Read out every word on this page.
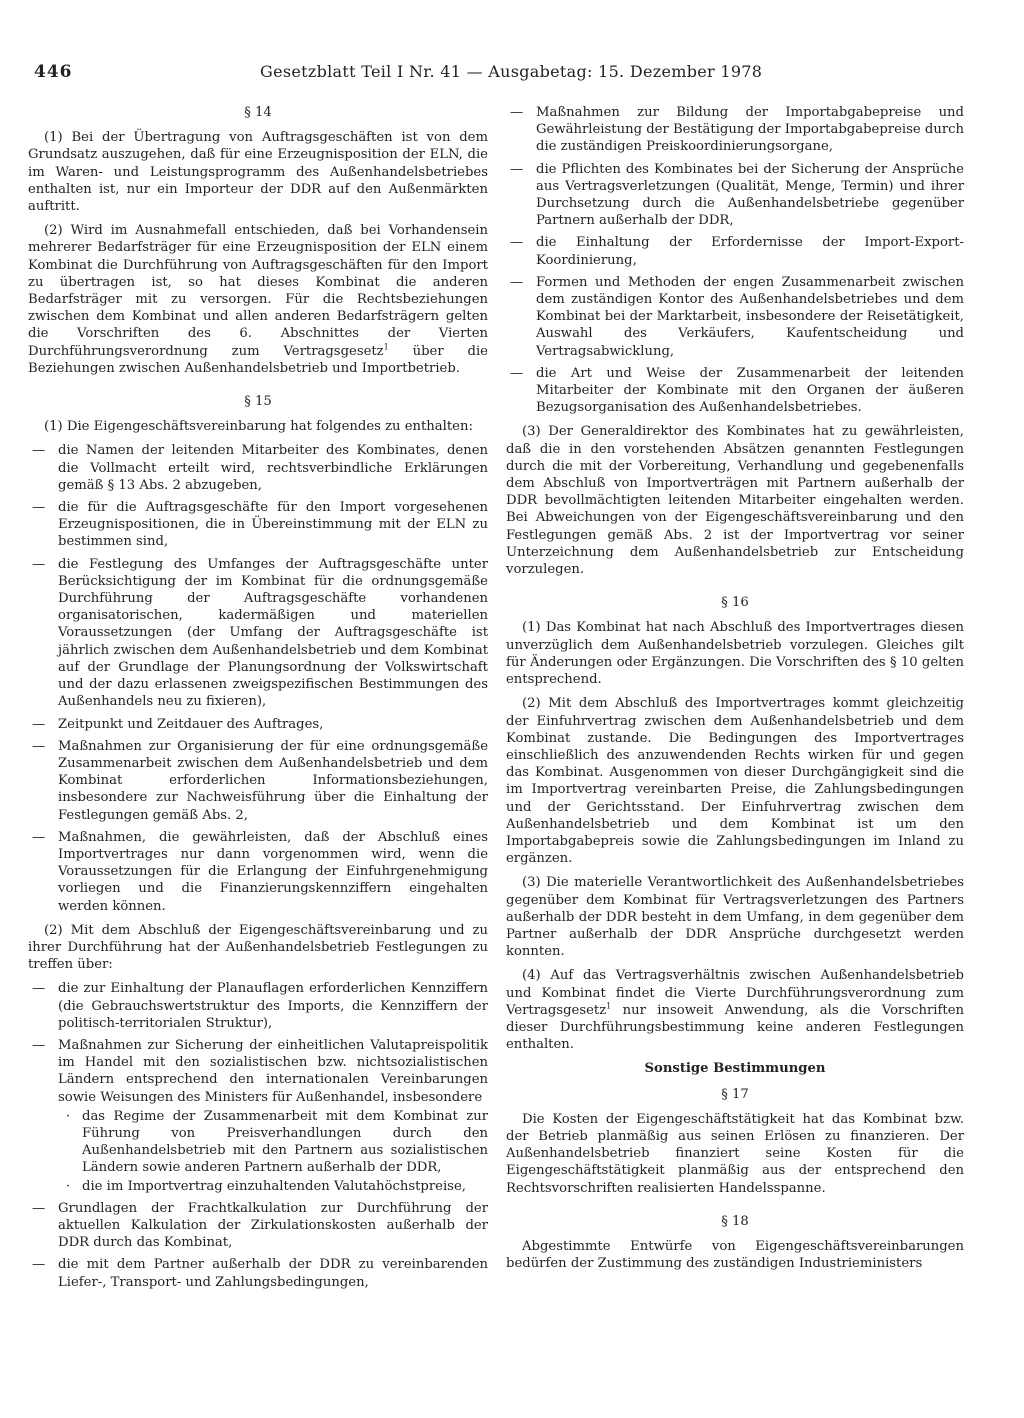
446	Gesetzblatt Teil I Nr. 41 — Ausgabetag: 15. Dezember 1978
§ 14

(1) Bei der Übertragung von Auftragsgeschäften ist von dem Grundsatz auszugehen, daß für eine Erzeugnisposition der ELN, die im Waren- und Leistungsprogramm des Außenhandelsbetriebes enthalten ist, nur ein Importeur der DDR auf den Außenmärkten auftritt.

(2) Wird im Ausnahmefall entschieden, daß bei Vorhandensein mehrerer Bedarfsträger für eine Erzeugnisposition der ELN einem Kombinat die Durchführung von Auftragsgeschäften für den Import zu übertragen ist, so hat dieses Kombinat die anderen Bedarfsträger mit zu versorgen. Für die Rechtsbeziehungen zwischen dem Kombinat und allen anderen Bedarfsträgern gelten die Vorschriften des 6. Abschnittes der Vierten Durchführungsverordnung zum Vertragsgesetz$^1$ über die Beziehungen zwischen Außenhandelsbetrieb und Importbetrieb.

§ 15

(1) Die Eigengeschäftsvereinbarung hat folgendes zu enthalten:

— die Namen der leitenden Mitarbeiter des Kombinates, denen die Vollmacht erteilt wird, rechtsverbindliche Erklärungen gemäß § 13 Abs. 2 abzugeben,
— die für die Auftragsgeschäfte für den Import vorgesehenen Erzeugnispositionen, die in Übereinstimmung mit der ELN zu bestimmen sind,
— die Festlegung des Umfanges der Auftragsgeschäfte unter Berücksichtigung der im Kombinat für die ordnungsgemäße Durchführung der Auftragsgeschäfte vorhandenen organisatorischen, kadermäßigen und materiellen Voraussetzungen (der Umfang der Auftragsgeschäfte ist jährlich zwischen dem Außenhandelsbetrieb und dem Kombinat auf der Grundlage der Planungsordnung der Volkswirtschaft und der dazu erlassenen zweigspezifischen Bestimmungen des Außenhandels neu zu fixieren),
— Zeitpunkt und Zeitdauer des Auftrages,
— Maßnahmen zur Organisierung der für eine ordnungsgemäße Zusammenarbeit zwischen dem Außenhandelsbetrieb und dem Kombinat erforderlichen Informationsbeziehungen, insbesondere zur Nachweisführung über die Einhaltung der Festlegungen gemäß Abs. 2,
— Maßnahmen, die gewährleisten, daß der Abschluß eines Importvertrages nur dann vorgenommen wird, wenn die Voraussetzungen für die Erlangung der Einfuhrgenehmigung vorliegen und die Finanzierungskennziffern eingehalten werden können.

(2) Mit dem Abschluß der Eigengeschäftsvereinbarung und zu ihrer Durchführung hat der Außenhandelsbetrieb Festlegungen zu treffen über:

— die zur Einhaltung der Planauflagen erforderlichen Kennziffern (die Gebrauchswertstruktur des Imports, die Kennziffern der politisch-territorialen Struktur),
— Maßnahmen zur Sicherung der einheitlichen Valutapreispolitik im Handel mit den sozialistischen bzw. nichtsozialistischen Ländern entsprechend den internationalen Vereinbarungen sowie Weisungen des Ministers für Außenhandel, insbesondere
· das Regime der Zusammenarbeit mit dem Kombinat zur Führung von Preisverhandlungen durch den Außenhandelsbetrieb mit den Partnern aus sozialistischen Ländern sowie anderen Partnern außerhalb der DDR,
· die im Importvertrag einzuhaltenden Valutahöchstpreise,
— Grundlagen der Frachtkalkulation zur Durchführung der aktuellen Kalkulation der Zirkulationskosten außerhalb der DDR durch das Kombinat,
— die mit dem Partner außerhalb der DDR zu vereinbarenden Liefer-, Transport- und Zahlungsbedingungen,
— Maßnahmen zur Bildung der Importabgabepreise und Gewährleistung der Bestätigung der Importabgabepreise durch die zuständigen Preiskoordinierungsorgane,
— die Pflichten des Kombinates bei der Sicherung der Ansprüche aus Vertragsverletzungen (Qualität, Menge, Termin) und ihrer Durchsetzung durch die Außenhandelsbetriebe gegenüber Partnern außerhalb der DDR,
— die Einhaltung der Erfordernisse der Import-Export-Koordinierung,
— Formen und Methoden der engen Zusammenarbeit zwischen dem zuständigen Kontor des Außenhandelsbetriebes und dem Kombinat bei der Marktarbeit, insbesondere der Reisetätigkeit, Auswahl des Verkäufers, Kaufentscheidung und Vertragsabwicklung,
— die Art und Weise der Zusammenarbeit der leitenden Mitarbeiter der Kombinate mit den Organen der äußeren Bezugsorganisation des Außenhandelsbetriebes.

(3) Der Generaldirektor des Kombinates hat zu gewährleisten, daß die in den vorstehenden Absätzen genannten Festlegungen durch die mit der Vorbereitung, Verhandlung und gegebenenfalls dem Abschluß von Importverträgen mit Partnern außerhalb der DDR bevollmächtigten leitenden Mitarbeiter eingehalten werden. Bei Abweichungen von der Eigengeschäftsvereinbarung und den Festlegungen gemäß Abs. 2 ist der Importvertrag vor seiner Unterzeichnung dem Außenhandelsbetrieb zur Entscheidung vorzulegen.

§ 16

(1) Das Kombinat hat nach Abschluß des Importvertrages diesen unverzüglich dem Außenhandelsbetrieb vorzulegen. Gleiches gilt für Änderungen oder Ergänzungen. Die Vorschriften des § 10 gelten entsprechend.

(2) Mit dem Abschluß des Importvertrages kommt gleichzeitig der Einfuhrvertrag zwischen dem Außenhandelsbetrieb und dem Kombinat zustande. Die Bedingungen des Importvertrages einschließlich des anzuwendenden Rechts wirken für und gegen das Kombinat. Ausgenommen von dieser Durchgängigkeit sind die im Importvertrag vereinbarten Preise, die Zahlungsbedingungen und der Gerichtsstand. Der Einfuhrvertrag zwischen dem Außenhandelsbetrieb und dem Kombinat ist um den Importabgabepreis sowie die Zahlungsbedingungen im Inland zu ergänzen.

(3) Die materielle Verantwortlichkeit des Außenhandelsbetriebes gegenüber dem Kombinat für Vertragsverletzungen des Partners außerhalb der DDR besteht in dem Umfang, in dem gegenüber dem Partner außerhalb der DDR Ansprüche durchgesetzt werden konnten.

(4) Auf das Vertragsverhältnis zwischen Außenhandelsbetrieb und Kombinat findet die Vierte Durchführungsverordnung zum Vertragsgesetz$^1$ nur insoweit Anwendung, als die Vorschriften dieser Durchführungsbestimmung keine anderen Festlegungen enthalten.

Sonstige Bestimmungen
§ 17

Die Kosten der Eigengeschäftstätigkeit hat das Kombinat bzw. der Betrieb planmäßig aus seinen Erlösen zu finanzieren. Der Außenhandelsbetrieb finanziert seine Kosten für die Eigengeschäftstätigkeit planmäßig aus der entsprechend den Rechtsvorschriften realisierten Handelsspanne.

§ 18

Abgestimmte Entwürfe von Eigengeschäftsvereinbarungen bedürfen der Zustimmung des zuständigen Industrieministers
